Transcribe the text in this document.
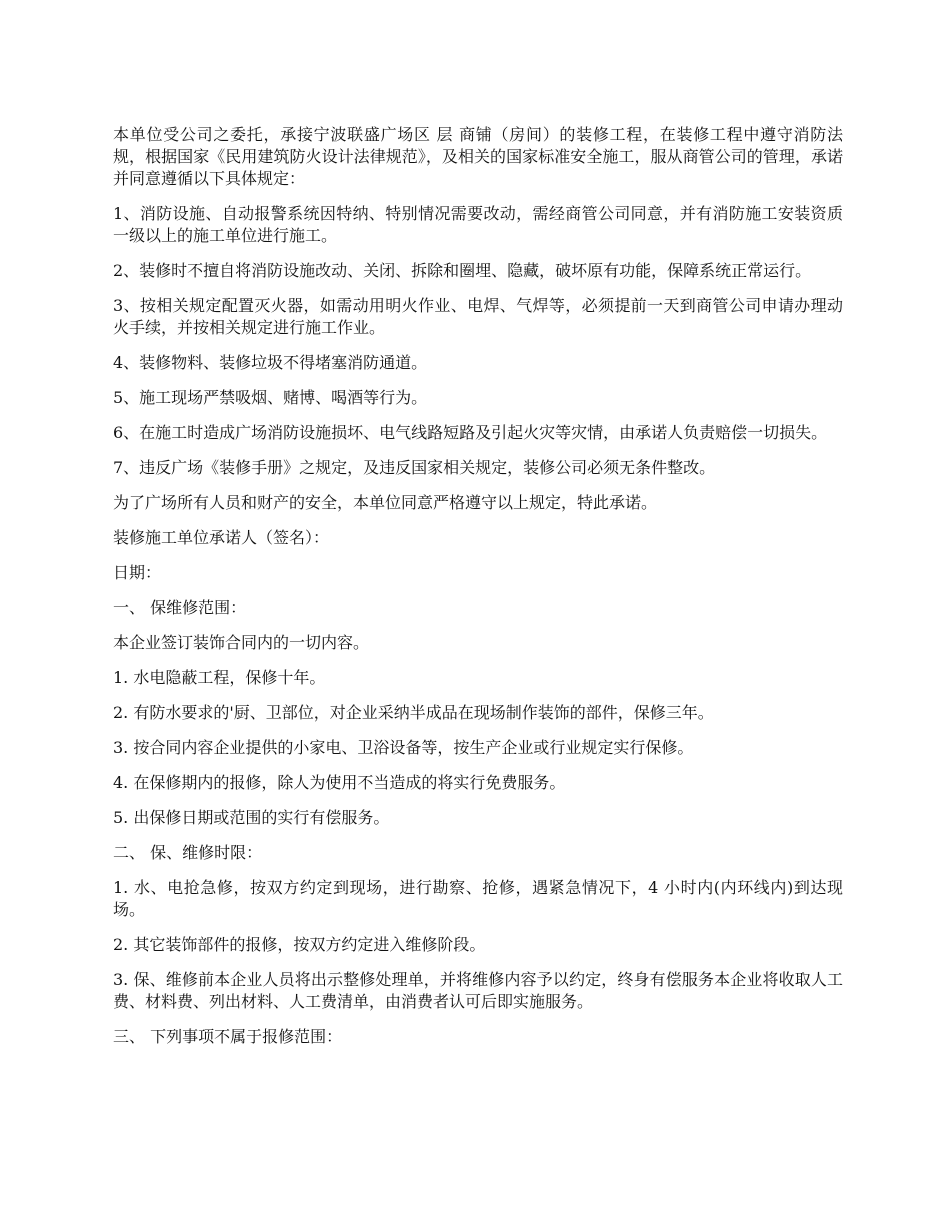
本单位受公司之委托，承接宁波联盛广场区 层 商铺（房间）的装修工程，在装修工程中遵守消防法规，根据国家《民用建筑防火设计法律规范》，及相关的国家标准安全施工，服从商管公司的管理，承诺并同意遵循以下具体规定：

1、消防设施、自动报警系统因特纳、特别情况需要改动，需经商管公司同意，并有消防施工安装资质一级以上的施工单位进行施工。

2、装修时不擅自将消防设施改动、关闭、拆除和圈埋、隐藏，破坏原有功能，保障系统正常运行。

3、按相关规定配置灭火器，如需动用明火作业、电焊、气焊等，必须提前一天到商管公司申请办理动火手续，并按相关规定进行施工作业。

4、装修物料、装修垃圾不得堵塞消防通道。

5、施工现场严禁吸烟、赌博、喝酒等行为。

6、在施工时造成广场消防设施损坏、电气线路短路及引起火灾等灾情，由承诺人负责赔偿一切损失。

7、违反广场《装修手册》之规定，及违反国家相关规定，装修公司必须无条件整改。

为了广场所有人员和财产的安全，本单位同意严格遵守以上规定，特此承诺。

装修施工单位承诺人（签名）：

日期：

一、 保维修范围：

本企业签订装饰合同内的一切内容。

1. 水电隐蔽工程，保修十年。

2. 有防水要求的'厨、卫部位，对企业采纳半成品在现场制作装饰的部件，保修三年。

3. 按合同内容企业提供的小家电、卫浴设备等，按生产企业或行业规定实行保修。

4. 在保修期内的报修，除人为使用不当造成的将实行免费服务。

5. 出保修日期或范围的实行有偿服务。

二、 保、维修时限：

1. 水、电抢急修，按双方约定到现场，进行勘察、抢修，遇紧急情况下，4 小时内(内环线内)到达现场。

2. 其它装饰部件的报修，按双方约定进入维修阶段。

3. 保、维修前本企业人员将出示整修处理单，并将维修内容予以约定，终身有偿服务本企业将收取人工费、材料费、列出材料、人工费清单，由消费者认可后即实施服务。

三、 下列事项不属于报修范围：
